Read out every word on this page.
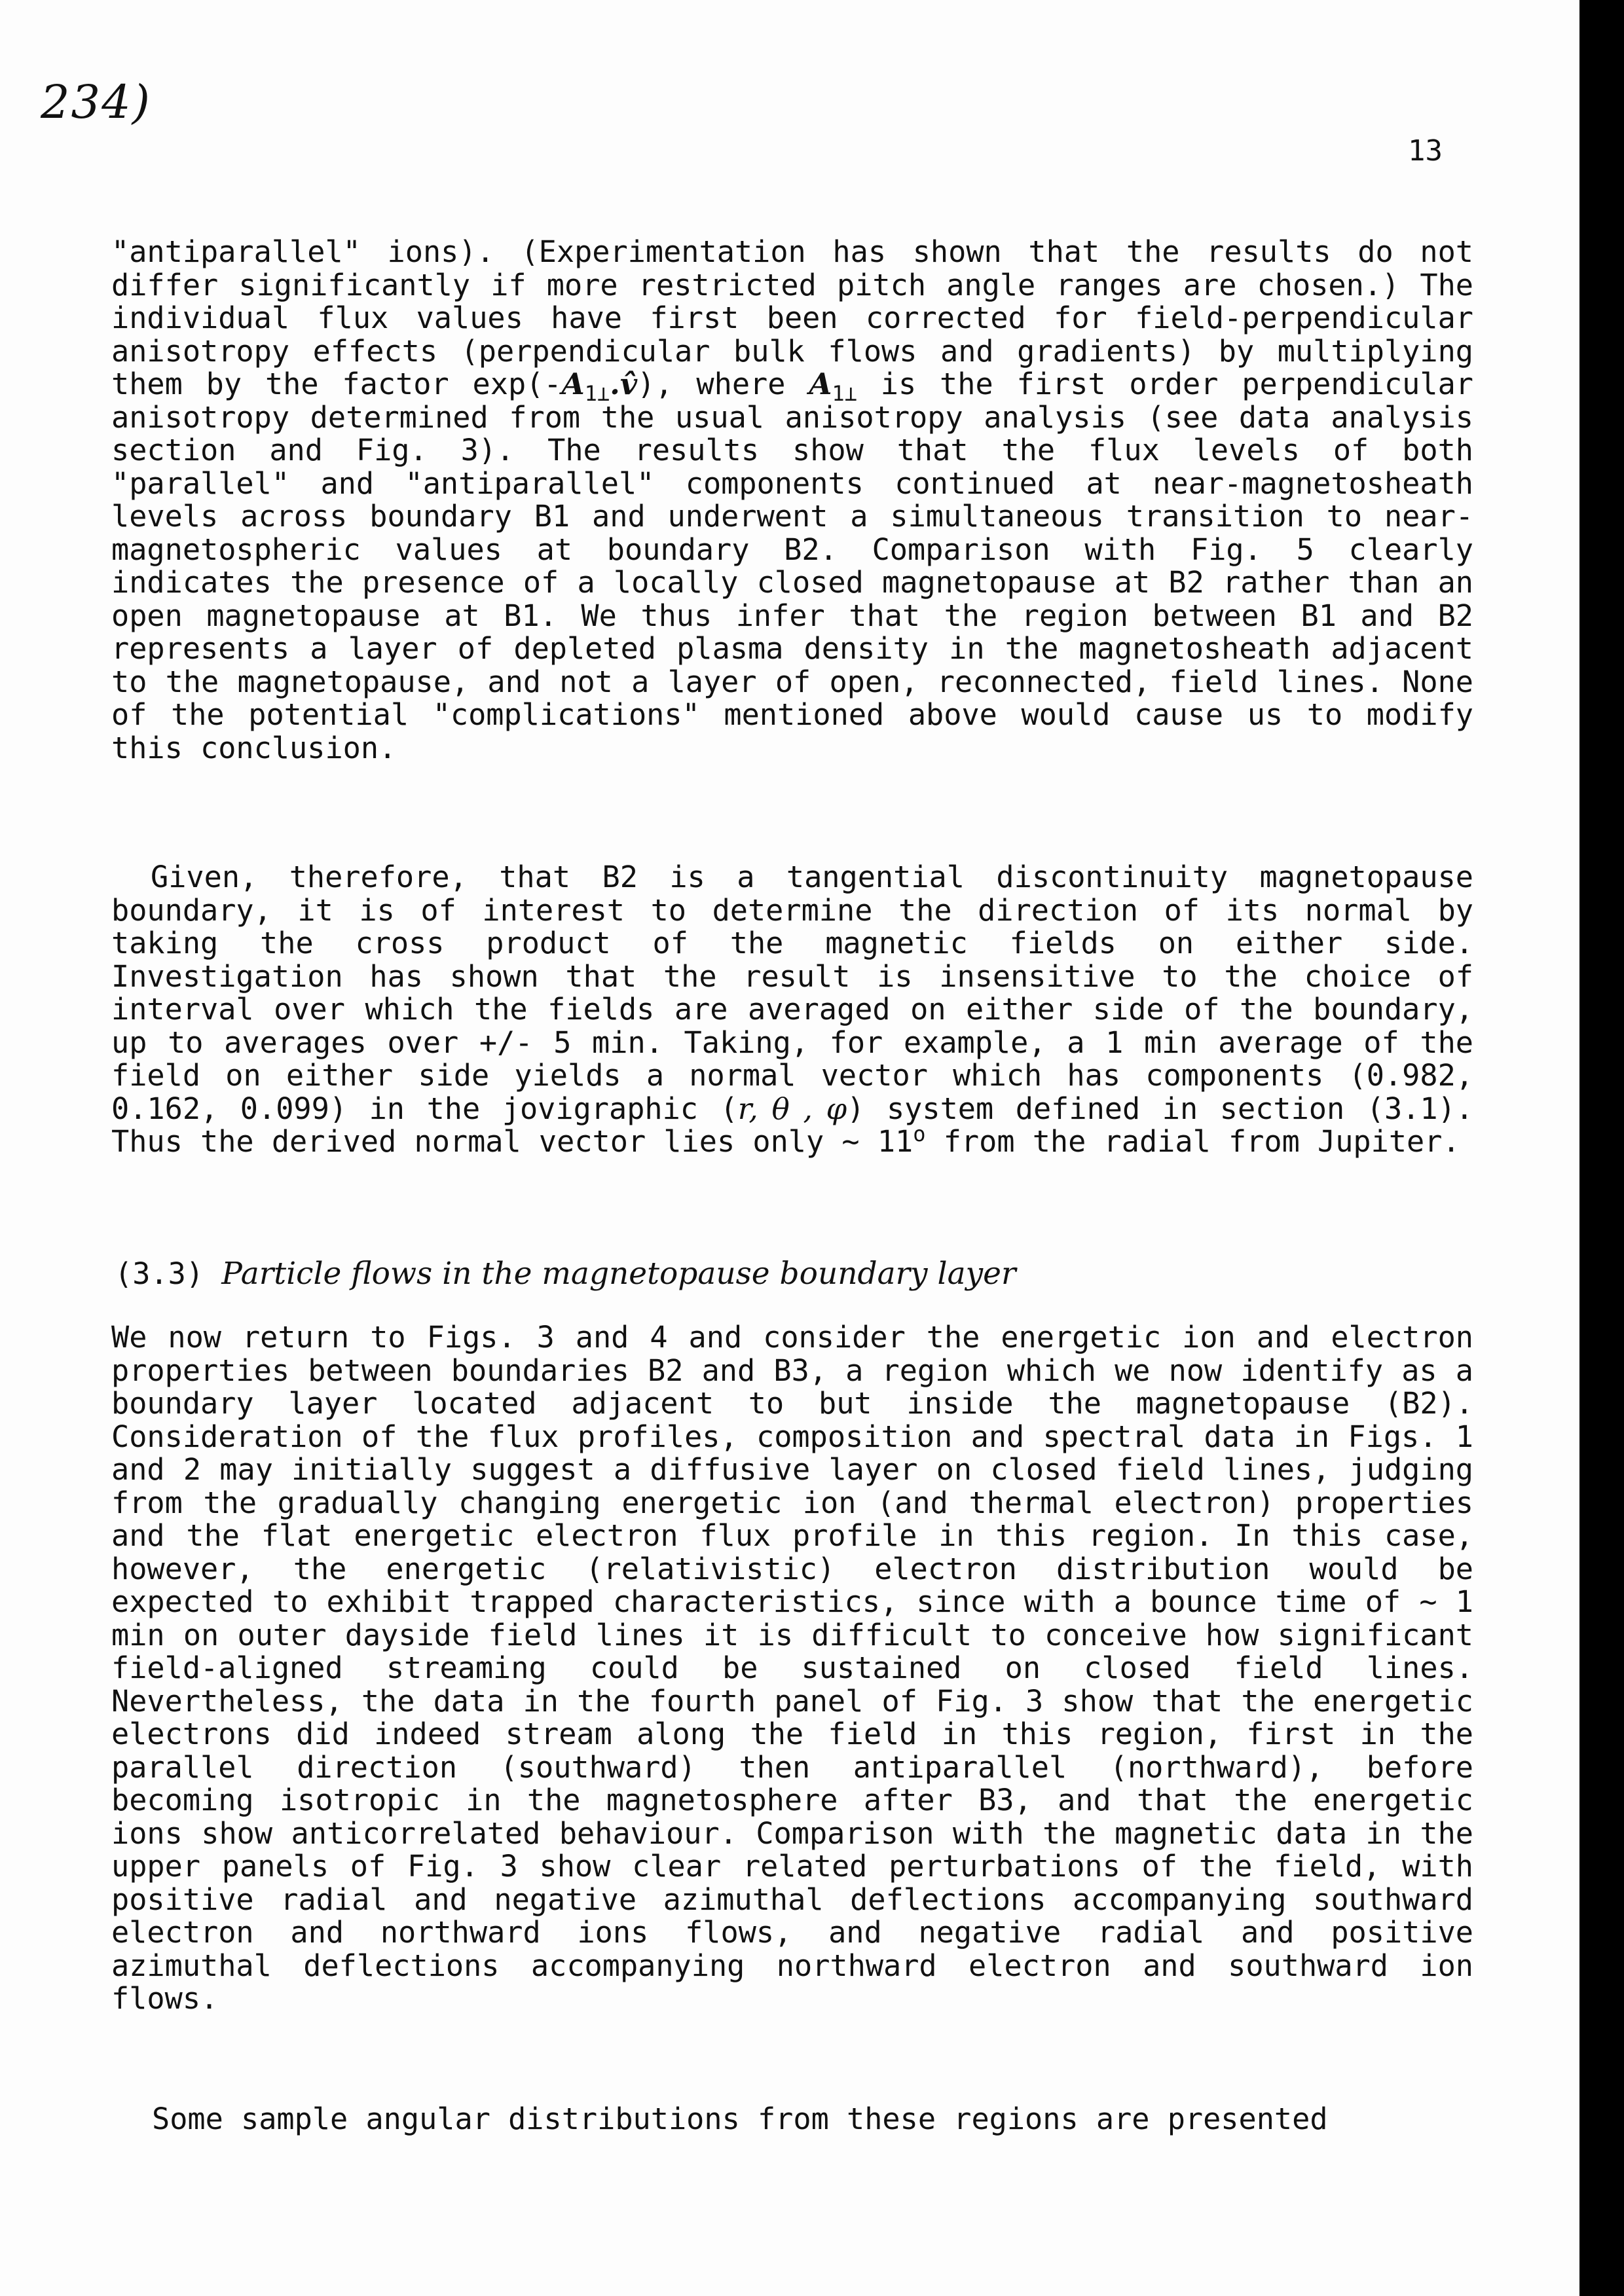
234)
13

"antiparallel" ions). (Experimentation has shown that the results do not differ significantly if more restricted pitch angle ranges are chosen.) The individual flux values have first been corrected for field-perpendicular anisotropy effects (perpendicular bulk flows and gradients) by multiplying them by the factor $\exp(-A_{1\perp}.v̂)$, where $A_{1\perp}$ is the first order perpendicular anisotropy determined from the usual anisotropy analysis (see data analysis section and Fig. 3). The results show that the flux levels of both "parallel" and "antiparallel" components continued at near-magnetosheath levels across boundary B1 and underwent a simultaneous transition to near-magnetospheric values at boundary B2. Comparison with Fig. 5 clearly indicates the presence of a locally closed magnetopause at B2 rather than an open magnetopause at B1. We thus infer that the region between B1 and B2 represents a layer of depleted plasma density in the magnetosheath adjacent to the magnetopause, and not a layer of open, reconnected, field lines. None of the potential "complications" mentioned above would cause us to modify this conclusion.

Given, therefore, that B2 is a tangential discontinuity magnetopause boundary, it is of interest to determine the direction of its normal by taking the cross product of the magnetic fields on either side. Investigation has shown that the result is insensitive to the choice of interval over which the fields are averaged on either side of the boundary, up to averages over +/- 5 min. Taking, for example, a 1 min average of the field on either side yields a normal vector which has components (0.982, 0.162, 0.099) in the jovigraphic (r, θ , φ) system defined in section (3.1). Thus the derived normal vector lies only ~ 11$^o$ from the radial from Jupiter.

(3.3) Particle flows in the magnetopause boundary layer

We now return to Figs. 3 and 4 and consider the energetic ion and electron properties between boundaries B2 and B3, a region which we now identify as a boundary layer located adjacent to but inside the magnetopause (B2). Consideration of the flux profiles, composition and spectral data in Figs. 1 and 2 may initially suggest a diffusive layer on closed field lines, judging from the gradually changing energetic ion (and thermal electron) properties and the flat energetic electron flux profile in this region. In this case, however, the energetic (relativistic) electron distribution would be expected to exhibit trapped characteristics, since with a bounce time of ~ 1 min on outer dayside field lines it is difficult to conceive how significant field-aligned streaming could be sustained on closed field lines. Nevertheless, the data in the fourth panel of Fig. 3 show that the energetic electrons did indeed stream along the field in this region, first in the parallel direction (southward) then antiparallel (northward), before becoming isotropic in the magnetosphere after B3, and that the energetic ions show anticorrelated behaviour. Comparison with the magnetic data in the upper panels of Fig. 3 show clear related perturbations of the field, with positive radial and negative azimuthal deflections accompanying southward electron and northward ions flows, and negative radial and positive azimuthal deflections accompanying northward electron and southward ion flows.

Some sample angular distributions from these regions are presented
